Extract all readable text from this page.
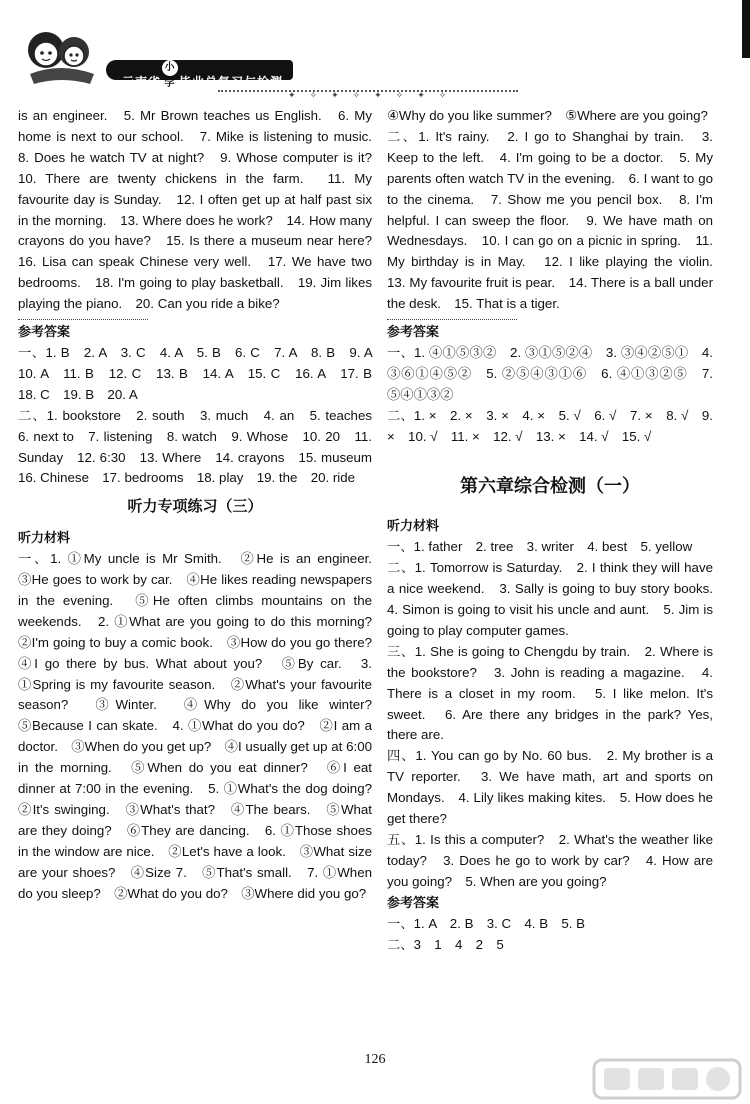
云南省小学 毕业总复习与检测
✦✧✦✧✦✧✦✧

is an engineer.　5. Mr Brown teaches us English.　6. My home is next to our school.　7. Mike is listening to music.　8. Does he watch TV at night?　9. Whose computer is it?　10. There are twenty chickens in the farm.　11. My favourite day is Sunday.　12. I often get up at half past six in the morning.　13. Where does he work?　14. How many crayons do you have?　15. Is there a museum near here?　16. Lisa can speak Chinese very well.　17. We have two bedrooms.　18. I'm going to play basketball.　19. Jim likes playing the piano.　20. Can you ride a bike?

参考答案

一、1. B　2. A　3. C　4. A　5. B　6. C　7. A　8. B　9. A　10. A　11. B　12. C　13. B　14. A　15. C　16. A　17. B　18. C　19. B　20. A

二、1. bookstore　2. south　3. much　4. an　5. teaches　6. next to　7. listening　8. watch　9. Whose　10. 20　11. Sunday　12. 6:30　13. Where　14. crayons　15. museum　16. Chinese　17. bedrooms　18. play　19. the　20. ride

听力专项练习（三）

听力材料

一、1. ①My uncle is Mr Smith.　②He is an engineer.　③He goes to work by car.　④He likes reading newspapers in the evening.　⑤He often climbs mountains on the weekends.　2. ①What are you going to do this morning?　②I'm going to buy a comic book.　③How do you go there?　④I go there by bus. What about you?　⑤By car.　3. ①Spring is my favourite season.　②What's your favourite season?　③Winter.　④Why do you like winter?　⑤Because I can skate.　4. ①What do you do?　②I am a doctor.　③When do you get up?　④I usually get up at 6:00 in the morning.　⑤When do you eat dinner?　⑥I eat dinner at 7:00 in the evening.　5. ①What's the dog doing?　②It's swinging.　③What's that?　④The bears.　⑤What are they doing?　⑥They are dancing.　6. ①Those shoes in the window are nice.　②Let's have a look.　③What size are your shoes?　④Size 7.　⑤That's small.　7. ①When do you sleep?　②What do you do?　③Where did you go?

④Why do you like summer?　⑤Where are you going?

二、1. It's rainy.　2. I go to Shanghai by train.　3. Keep to the left.　4. I'm going to be a doctor.　5. My parents often watch TV in the evening.　6. I want to go to the cinema.　7. Show me you pencil box.　8. I'm helpful. I can sweep the floor.　9. We have math on Wednesdays.　10. I can go on a picnic in spring.　11. My birthday is in May.　12. I like playing the violin.　13. My favourite fruit is pear.　14. There is a ball under the desk.　15. That is a tiger.

参考答案

一、1. ④①⑤③②　2. ③①⑤②④　3. ③④②⑤①　4. ③⑥①④⑤②　5. ②⑤④③①⑥　6. ④①③②⑤　7. ⑤④①③②

二、1. ×　2. ×　3. ×　4. ×　5. √　6. √　7. ×　8. √　9. ×　10. √　11. ×　12. √　13. ×　14. √　15. √

第六章综合检测（一）

听力材料

一、1. father　2. tree　3. writer　4. best　5. yellow

二、1. Tomorrow is Saturday.　2. I think they will have a nice weekend.　3. Sally is going to buy story books.　4. Simon is going to visit his uncle and aunt.　5. Jim is going to play computer games.

三、1. She is going to Chengdu by train.　2. Where is the bookstore?　3. John is reading a magazine.　4. There is a closet in my room.　5. I like melon. It's sweet.　6. Are there any bridges in the park? Yes, there are.

四、1. You can go by No. 60 bus.　2. My brother is a TV reporter.　3. We have math, art and sports on Mondays.　4. Lily likes making kites.　5. How does he get there?

五、1. Is this a computer?　2. What's the weather like today?　3. Does he go to work by car?　4. How are you going?　5. When are you going?

参考答案

一、1. A　2. B　3. C　4. B　5. B

二、3　1　4　2　5

126
